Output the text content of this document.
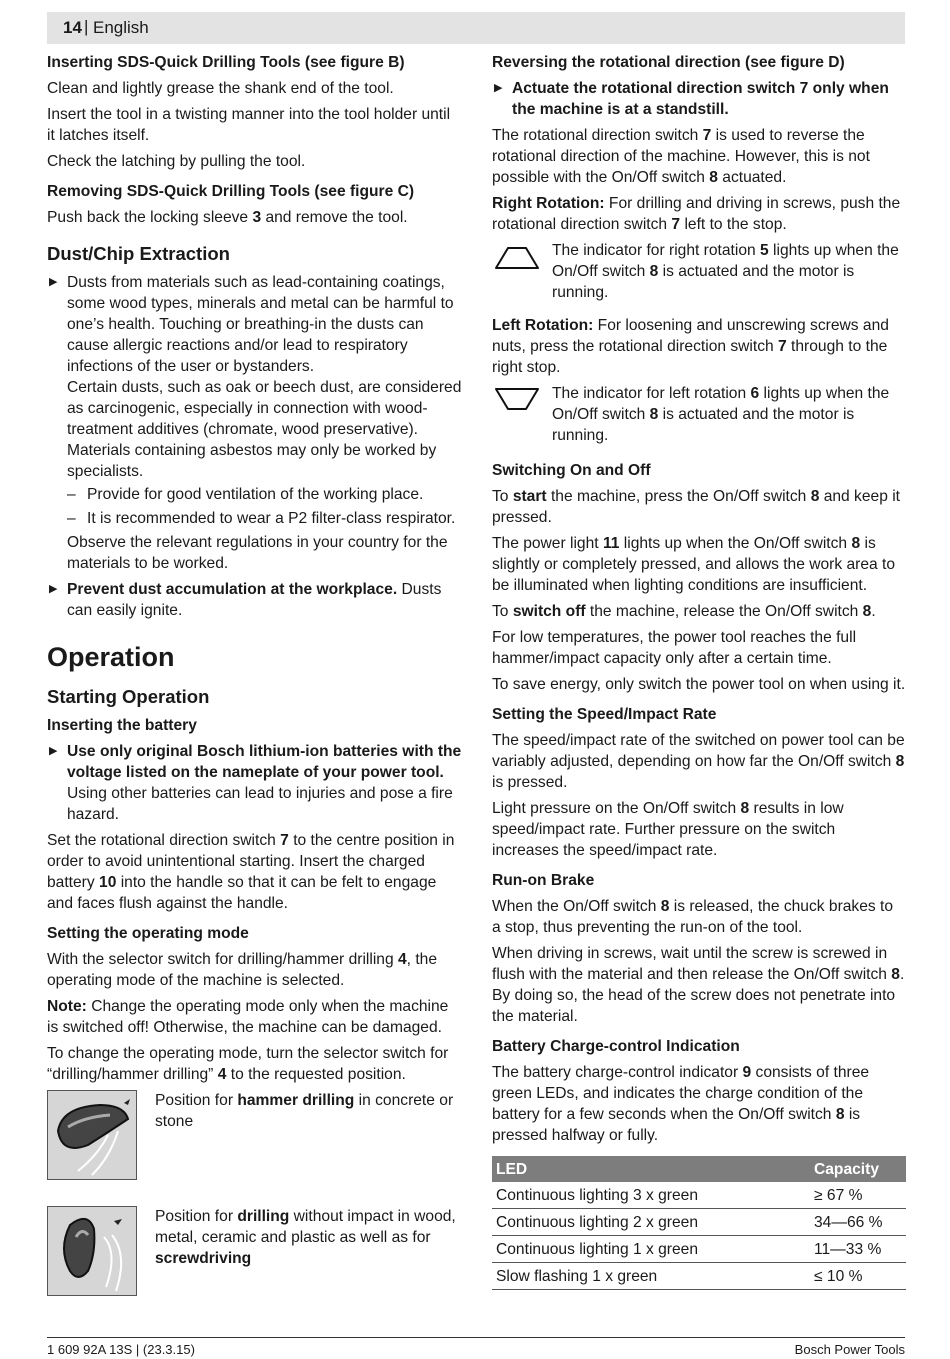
14 | English
Inserting SDS-Quick Drilling Tools (see figure B)

Clean and lightly grease the shank end of the tool.

Insert the tool in a twisting manner into the tool holder until it latches itself.

Check the latching by pulling the tool.

Removing SDS-Quick Drilling Tools (see figure C)

Push back the locking sleeve 3 and remove the tool.

Dust/Chip Extraction
▶ Dusts from materials such as lead-containing coatings, some wood types, minerals and metal can be harmful to one’s health. Touching or breathing-in the dusts can cause allergic reactions and/or lead to respiratory infections of the user or bystanders.
Certain dusts, such as oak or beech dust, are considered as carcinogenic, especially in connection with wood-treatment additives (chromate, wood preservative). Materials containing asbestos may only be worked by specialists.
– Provide for good ventilation of the working place.
– It is recommended to wear a P2 filter-class respirator.
Observe the relevant regulations in your country for the materials to be worked.
▶ Prevent dust accumulation at the workplace. Dusts can easily ignite.
Operation
Starting Operation
Inserting the battery
▶ Use only original Bosch lithium-ion batteries with the voltage listed on the nameplate of your power tool.
Using other batteries can lead to injuries and pose a fire hazard.

Set the rotational direction switch 7 to the centre position in order to avoid unintentional starting. Insert the charged battery 10 into the handle so that it can be felt to engage and faces flush against the handle.

Setting the operating mode

With the selector switch for drilling/hammer drilling 4, the operating mode of the machine is selected.

Note: Change the operating mode only when the machine is switched off! Otherwise, the machine can be damaged.

To change the operating mode, turn the selector switch for “drilling/hammer drilling” 4 to the requested position.

Position for hammer drilling in concrete or stone
Position for drilling without impact in wood, metal, ceramic and plastic as well as for screwdriving
Reversing the rotational direction (see figure D)
▶ Actuate the rotational direction switch 7 only when the machine is at a standstill.

The rotational direction switch 7 is used to reverse the rotational direction of the machine. However, this is not possible with the On/Off switch 8 actuated.

Right Rotation: For drilling and driving in screws, push the rotational direction switch 7 left to the stop.

The indicator for right rotation 5 lights up when the On/Off switch 8 is actuated and the motor is running.

Left Rotation: For loosening and unscrewing screws and nuts, press the rotational direction switch 7 through to the right stop.

The indicator for left rotation 6 lights up when the On/Off switch 8 is actuated and the motor is running.
Switching On and Off

To start the machine, press the On/Off switch 8 and keep it pressed.

The power light 11 lights up when the On/Off switch 8 is slightly or completely pressed, and allows the work area to be illuminated when lighting conditions are insufficient.

To switch off the machine, release the On/Off switch 8.

For low temperatures, the power tool reaches the full hammer/impact capacity only after a certain time.

To save energy, only switch the power tool on when using it.

Setting the Speed/Impact Rate

The speed/impact rate of the switched on power tool can be variably adjusted, depending on how far the On/Off switch 8 is pressed.

Light pressure on the On/Off switch 8 results in low speed/impact rate. Further pressure on the switch increases the speed/impact rate.

Run-on Brake

When the On/Off switch 8 is released, the chuck brakes to a stop, thus preventing the run-on of the tool.

When driving in screws, wait until the screw is screwed in flush with the material and then release the On/Off switch 8. By doing so, the head of the screw does not penetrate into the material.

Battery Charge-control Indication

The battery charge-control indicator 9 consists of three green LEDs, and indicates the charge condition of the battery for a few seconds when the On/Off switch 8 is pressed halfway or fully.

LED	Capacity
Continuous lighting 3 x green	≥ 67 %
Continuous lighting 2 x green	34—66 %
Continuous lighting 1 x green	11—33 %
Slow flashing 1 x green	≤ 10 %
1 609 92A 13S | (23.3.15)	Bosch Power Tools
